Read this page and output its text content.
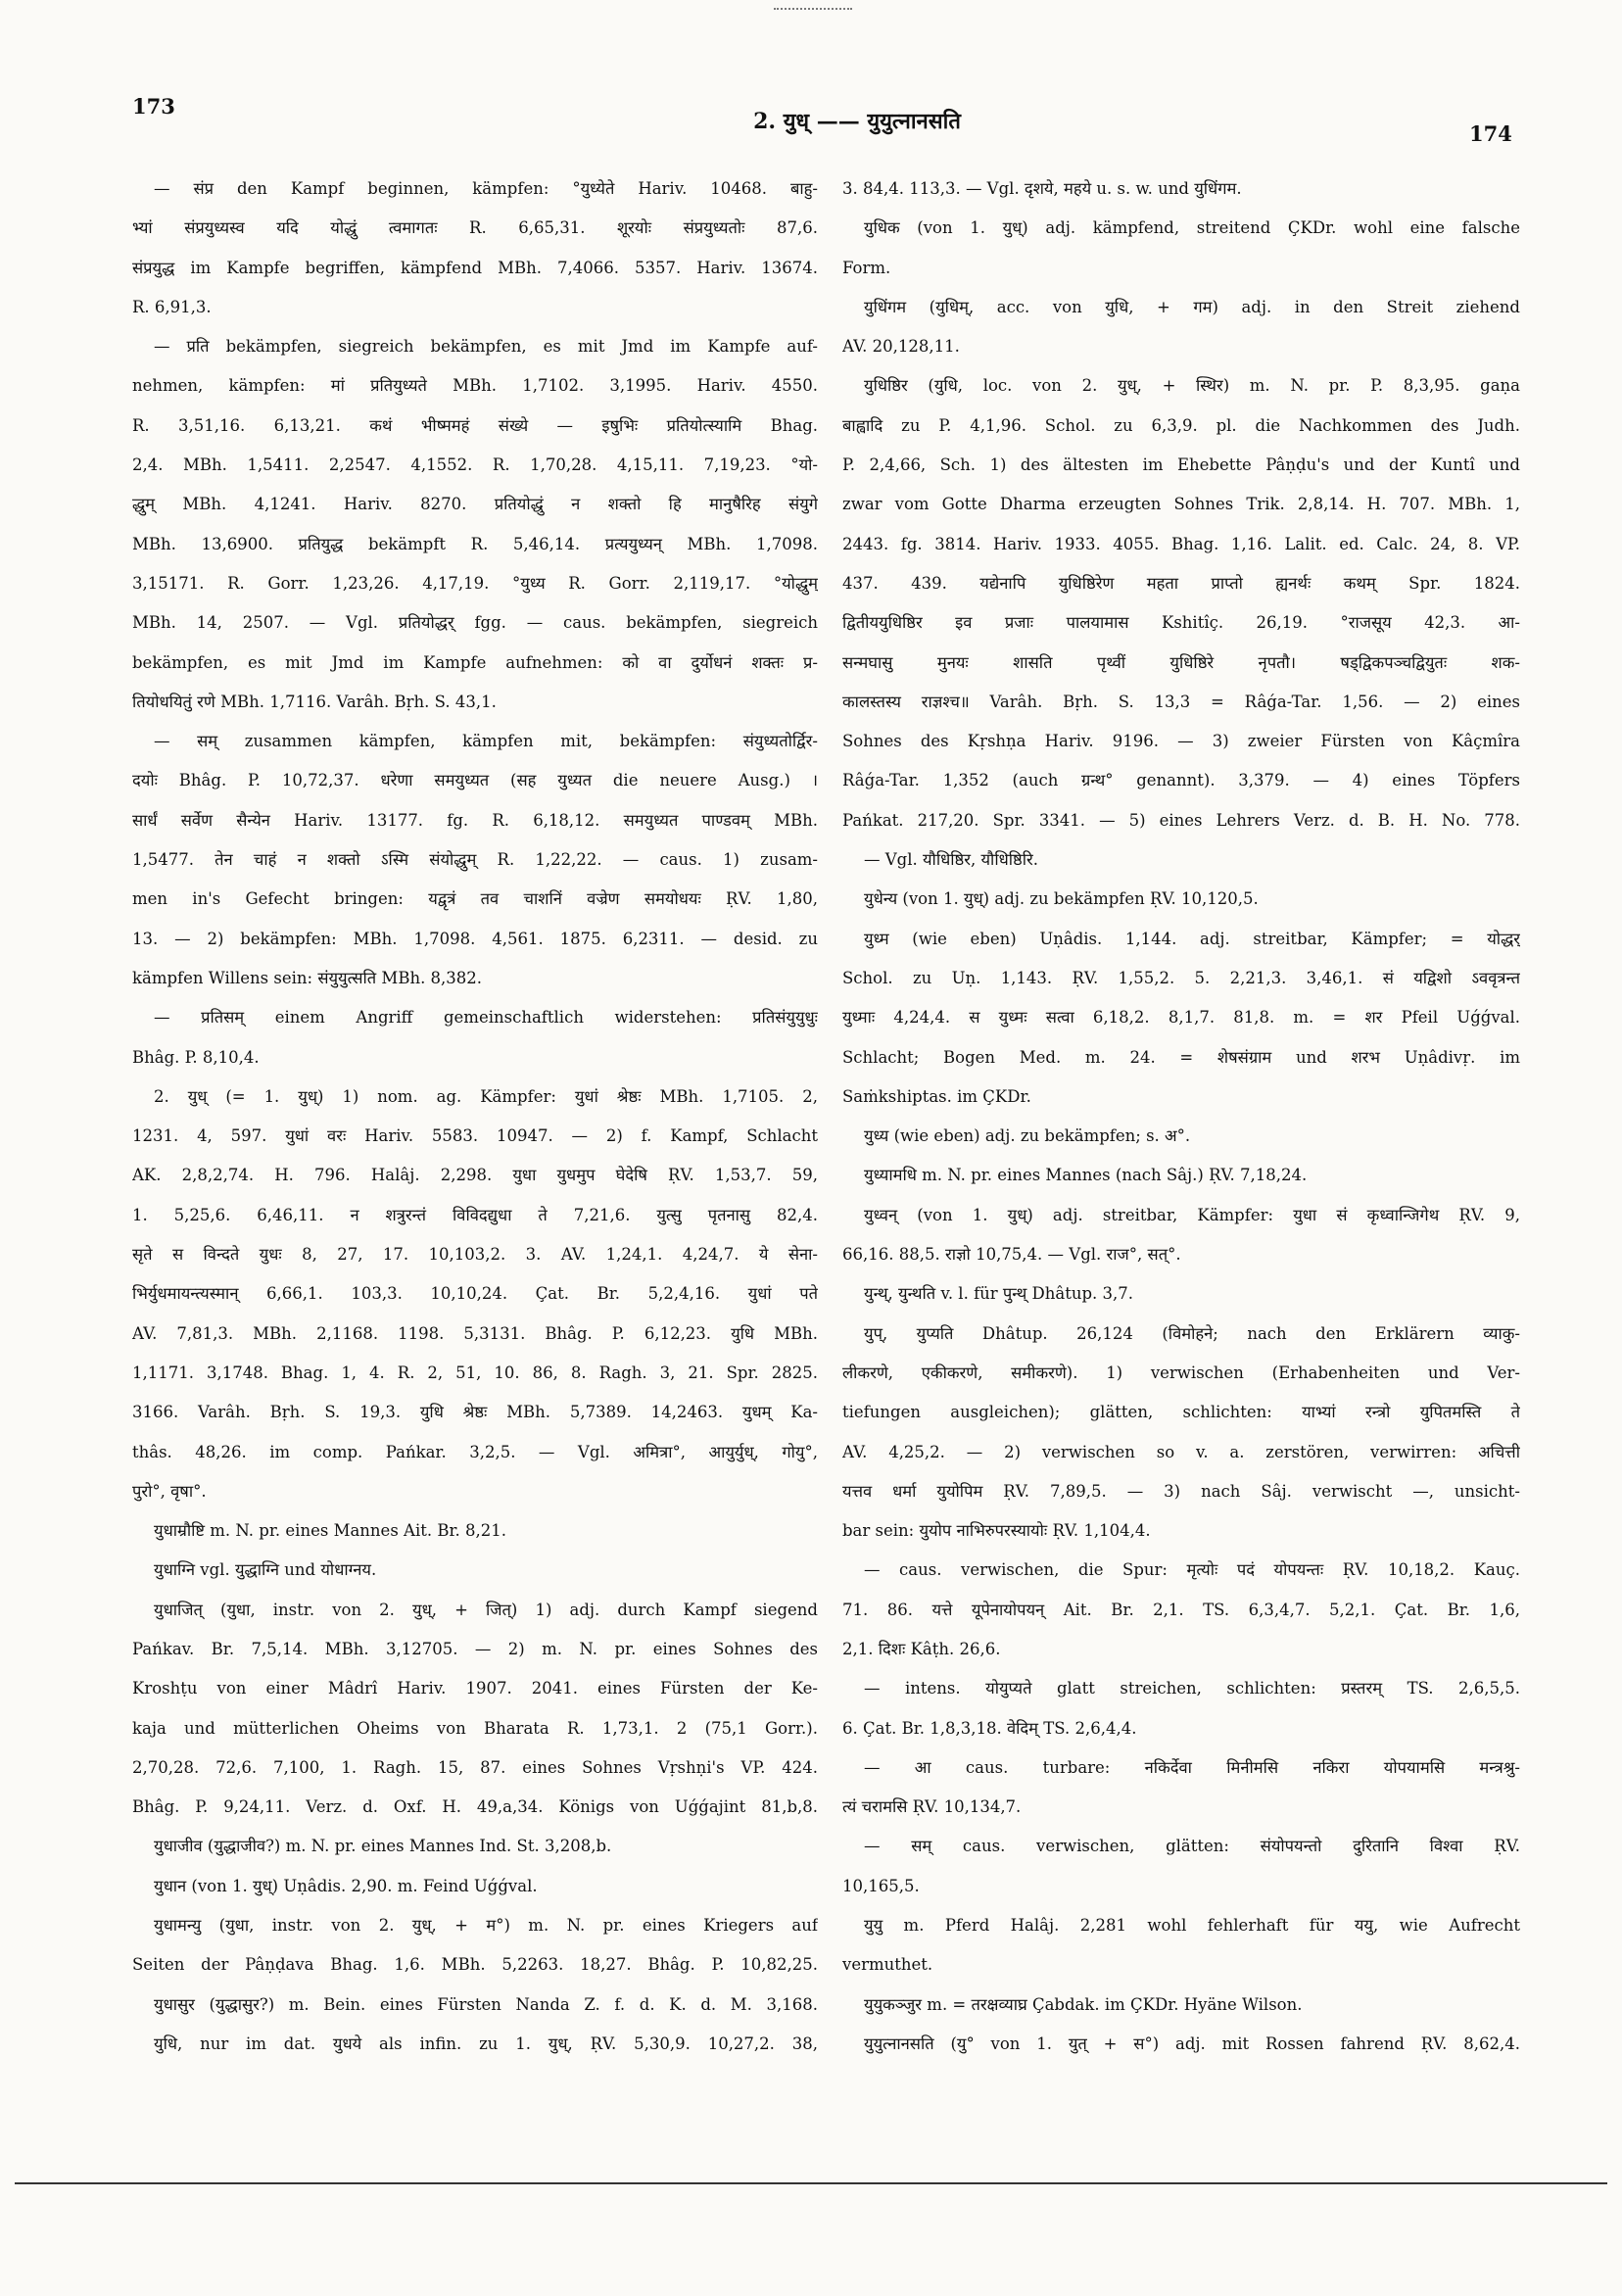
173
2. युध् —— युयुत्नानसति	174
— संप्र den Kampf beginnen, kämpfen: °युध्येते Hariv. 10468. बाहु-
भ्यां संप्रयुध्यस्व यदि योद्धुं त्वमागतः R. 6,65,31. शूरयोः संप्रयुध्यतोः 87,6.
संप्रयुद्ध im Kampfe begriffen, kämpfend MBh. 7,4066. 5357. Hariv. 13674.
R. 6,91,3.
— प्रति bekämpfen, siegreich bekämpfen, es mit Jmd im Kampfe auf-
nehmen, kämpfen: मां प्रतियुध्यते MBh. 1,7102. 3,1995. Hariv. 4550.
R. 3,51,16. 6,13,21. कथं भीष्ममहं संख्ये — इषुभिः प्रतियोत्स्यामि Bhag.
2,4. MBh. 1,5411. 2,2547. 4,1552. R. 1,70,28. 4,15,11. 7,19,23. °यो-
द्धुम् MBh. 4,1241. Hariv. 8270. प्रतियोद्धुं न शक्तो हि मानुषैरिह संयुगे
MBh. 13,6900. प्रतियुद्ध bekämpft R. 5,46,14. प्रत्ययुध्यन् MBh. 1,7098.
3,15171. R. Gorr. 1,23,26. 4,17,19. °युध्य R. Gorr. 2,119,17. °योद्धुम्
MBh. 14, 2507. — Vgl. प्रतियोद्धर् fgg. — caus. bekämpfen, siegreich
bekämpfen, es mit Jmd im Kampfe aufnehmen: को वा दुर्योधनं शक्तः प्र-
तियोधयितुं रणे MBh. 1,7116. Varâh. Bṛh. S. 43,1.
— सम् zusammen kämpfen, kämpfen mit, bekämpfen: संयुध्यतोर्द्विर-
दयोः Bhâg. P. 10,72,37. धरेणा समयुध्यत (सह युध्यत die neuere Ausg.) ।
सार्धं सर्वेण सैन्येन Hariv. 13177. fg. R. 6,18,12. समयुध्यत पाण्डवम् MBh.
1,5477. तेन चाहं न शक्तो ऽस्मि संयोद्धुम् R. 1,22,22. — caus. 1) zusam-
men in's Gefecht bringen: यद्वृत्रं तव चाशनिं वज्रेण समयोधयः ṚV. 1,80,
13. — 2) bekämpfen: MBh. 1,7098. 4,561. 1875. 6,2311. — desid. zu
kämpfen Willens sein: संयुयुत्सति MBh. 8,382.
— प्रतिसम् einem Angriff gemeinschaftlich widerstehen: प्रतिसंयुयुधुः
Bhâg. P. 8,10,4.
2. युध् (= 1. युध्) 1) nom. ag. Kämpfer: युधां श्रेष्ठः MBh. 1,7105. 2,
1231. 4, 597. युधां वरः Hariv. 5583. 10947. — 2) f. Kampf, Schlacht
AK. 2,8,2,74. H. 796. Halâj. 2,298. युधा युधमुप घेदेषि ṚV. 1,53,7. 59,
1. 5,25,6. 6,46,11. न शत्रुरन्तं विविदद्युधा ते 7,21,6. युत्सु पृतनासु 82,4.
सृते स विन्दते युधः 8, 27, 17. 10,103,2. 3. AV. 1,24,1. 4,24,7. ये सेना-
भिर्युधमायन्त्यस्मान् 6,66,1. 103,3. 10,10,24. Çat. Br. 5,2,4,16. युधां पते
AV. 7,81,3. MBh. 2,1168. 1198. 5,3131. Bhâg. P. 6,12,23. युधि MBh.
1,1171. 3,1748. Bhag. 1, 4. R. 2, 51, 10. 86, 8. Ragh. 3, 21. Spr. 2825.
3166. Varâh. Bṛh. S. 19,3. युधि श्रेष्ठः MBh. 5,7389. 14,2463. युधम् Ka-
thâs. 48,26. im comp. Pańkar. 3,2,5. — Vgl. अमित्रा°, आयुर्युध्, गोयु°,
पुरो°, वृषा°.
युधाम्रौष्टि m. N. pr. eines Mannes Ait. Br. 8,21.
युधाग्नि vgl. युद्धाग्नि und योधाग्नय.
युधाजित् (युधा, instr. von 2. युध्, + जित्) 1) adj. durch Kampf siegend
Pańkav. Br. 7,5,14. MBh. 3,12705. — 2) m. N. pr. eines Sohnes des
Kroshṭu von einer Mâdrî Hariv. 1907. 2041. eines Fürsten der Ke-
kaja und mütterlichen Oheims von Bharata R. 1,73,1. 2 (75,1 Gorr.).
2,70,28. 72,6. 7,100, 1. Ragh. 15, 87. eines Sohnes Vṛshṇi's VP. 424.
Bhâg. P. 9,24,11. Verz. d. Oxf. H. 49,a,34. Königs von Uǵǵajint 81,b,8.
युधाजीव (युद्धाजीव?) m. N. pr. eines Mannes Ind. St. 3,208,b.
युधान (von 1. युध्) Uṇâdis. 2,90. m. Feind Uǵǵval.
युधामन्यु (युधा, instr. von 2. युध्, + म°) m. N. pr. eines Kriegers auf
Seiten der Pâṇḍava Bhag. 1,6. MBh. 5,2263. 18,27. Bhâg. P. 10,82,25.
युधासुर (युद्धासुर?) m. Bein. eines Fürsten Nanda Z. f. d. K. d. M. 3,168.
युधि, nur im dat. युधये als infin. zu 1. युध्, ṚV. 5,30,9. 10,27,2. 38,
3. 84,4. 113,3. — Vgl. दृशये, महये u. s. w. und युधिंगम.
युधिक (von 1. युध्) adj. kämpfend, streitend ÇKDr. wohl eine falsche
Form.
युधिंगम (युधिम्, acc. von युधि, + गम) adj. in den Streit ziehend
AV. 20,128,11.
युधिष्ठिर (युधि, loc. von 2. युध्, + स्थिर) m. N. pr. P. 8,3,95. gaṇa
बाह्वादि zu P. 4,1,96. Schol. zu 6,3,9. pl. die Nachkommen des Judh.
P. 2,4,66, Sch. 1) des ältesten im Ehebette Pâṇḍu's und der Kuntî und
zwar vom Gotte Dharma erzeugten Sohnes Trik. 2,8,14. H. 707. MBh. 1,
2443. fg. 3814. Hariv. 1933. 4055. Bhag. 1,16. Lalit. ed. Calc. 24, 8. VP.
437. 439. यद्येनापि युधिष्ठिरेण महता प्राप्तो ह्यनर्थः कथम् Spr. 1824.
द्वितीययुधिष्ठिर इव प्रजाः पालयामास Kshitîç. 26,19. °राजसूय 42,3. आ-
सन्मघासु मुनयः शासति पृथ्वीं युधिष्ठिरे नृपतौ। षड्द्विकपञ्चद्वियुतः शक-
कालस्तस्य राज्ञश्च॥ Varâh. Bṛh. S. 13,3 = Râǵa-Tar. 1,56. — 2) eines
Sohnes des Kṛshṇa Hariv. 9196. — 3) zweier Fürsten von Kâçmîra
Râǵa-Tar. 1,352 (auch ग्रन्थ° genannt). 3,379. — 4) eines Töpfers
Pańkat. 217,20. Spr. 3341. — 5) eines Lehrers Verz. d. B. H. No. 778.
— Vgl. यौधिष्ठिर, यौधिष्ठिरि.
युधेन्य (von 1. युध्) adj. zu bekämpfen ṚV. 10,120,5.
युध्म (wie eben) Uṇâdis. 1,144. adj. streitbar, Kämpfer; = योद्धर्
Schol. zu Uṇ. 1,143. ṚV. 1,55,2. 5. 2,21,3. 3,46,1. सं यद्विशो ऽववृत्रन्त
युध्माः 4,24,4. स युध्मः सत्वा 6,18,2. 8,1,7. 81,8. m. = शर Pfeil Uǵǵval.
Schlacht; Bogen Med. m. 24. = शेषसंग्राम und शरभ Uṇâdivṛ. im
Saṁkshiptas. im ÇKDr.
युध्य (wie eben) adj. zu bekämpfen; s. अ°.
युध्यामधि m. N. pr. eines Mannes (nach Sâj.) ṚV. 7,18,24.
युध्वन् (von 1. युध्) adj. streitbar, Kämpfer: युधा सं कृध्वान्जिगेथ ṚV. 9,
66,16. 88,5. राज्ञो 10,75,4. — Vgl. राज°, सत्°.
युन्थ्, युन्थति v. l. für पुन्थ् Dhâtup. 3,7.
युप्, युप्यति Dhâtup. 26,124 (विमोहने; nach den Erklärern व्याकु-
लीकरणे, एकीकरणे, समीकरणे). 1) verwischen (Erhabenheiten und Ver-
tiefungen ausgleichen); glätten, schlichten: याभ्यां रन्त्रो युपितमस्ति ते
AV. 4,25,2. — 2) verwischen so v. a. zerstören, verwirren: अचित्ती
यत्तव धर्मा युयोपिम ṚV. 7,89,5. — 3) nach Sâj. verwischt —, unsicht-
bar sein: युयोप नाभिरुपरस्यायोः ṚV. 1,104,4.
— caus. verwischen, die Spur: मृत्योः पदं योपयन्तः ṚV. 10,18,2. Kauç.
71. 86. यत्ते यूपेनायोपयन् Ait. Br. 2,1. TS. 6,3,4,7. 5,2,1. Çat. Br. 1,6,
2,1. दिशः Kâṭh. 26,6.
— intens. योयुप्यते glatt streichen, schlichten: प्रस्तरम् TS. 2,6,5,5.
6. Çat. Br. 1,8,3,18. वेदिम् TS. 2,6,4,4.
— आ caus. turbare: नकिर्देवा मिनीमसि नकिरा योपयामसि मन्त्रश्रु-
त्यं चरामसि ṚV. 10,134,7.
— सम् caus. verwischen, glätten: संयोपयन्तो दुरितानि विश्वा ṚV.
10,165,5.
युयु m. Pferd Halâj. 2,281 wohl fehlerhaft für ययु, wie Aufrecht
vermuthet.
युयुकञ्जुर m. = तरक्षव्याघ्र Çabdak. im ÇKDr. Hyäne Wilson.
युयुत्नानसति (यु° von 1. युत् + स°) adj. mit Rossen fahrend ṚV. 8,62,4.
